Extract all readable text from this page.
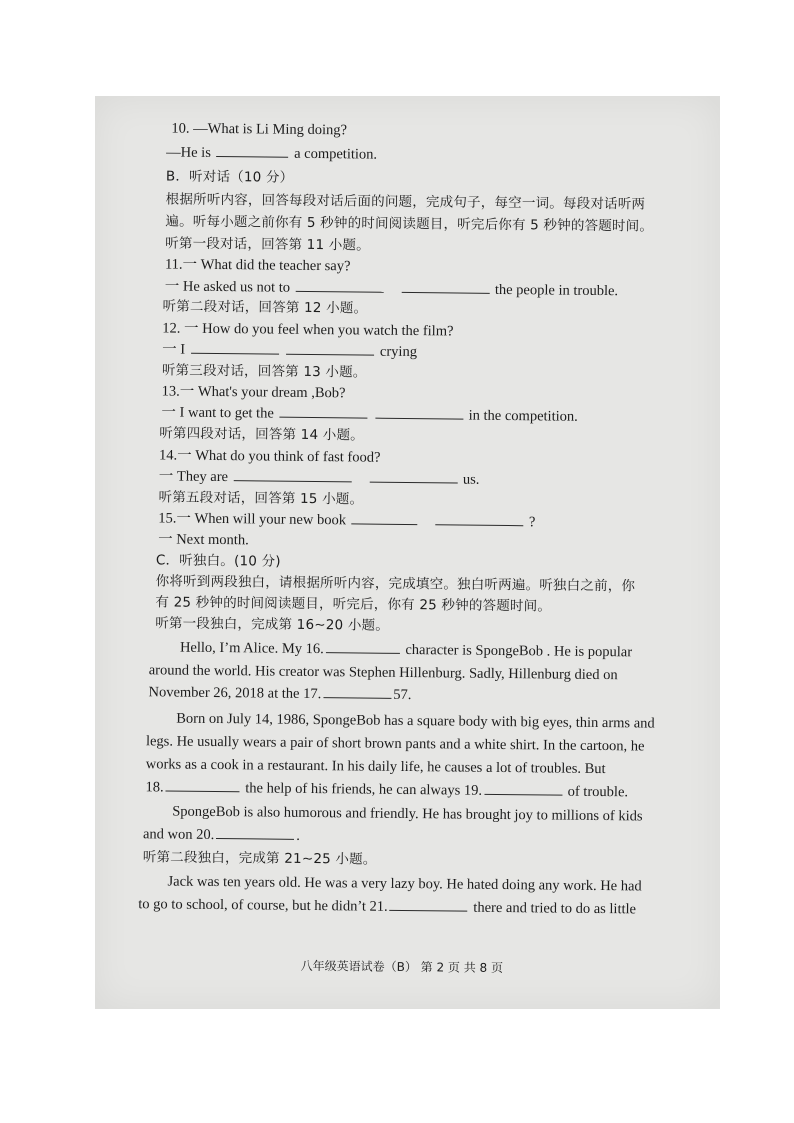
10. —What is Li Ming doing?
—He is	a competition.
B．听对话（10 分）
根据所听内容，回答每段对话后面的问题，完成句子，每空一词。每段对话听两
遍。听每小题之前你有 5 秒钟的时间阅读题目，听完后你有 5 秒钟的答题时间。
听第一段对话，回答第 11 小题。
11.一 What did the teacher say?
一 He asked us not to	the people in trouble.
听第二段对话，回答第 12 小题。
12. 一 How do you feel when you watch the film?
一 I	crying
听第三段对话，回答第 13 小题。
13.一 What's your dream ,Bob?
一 I want to get the	in the competition.
听第四段对话，回答第 14 小题。
14.一 What do you think of fast food?
一 They are	us.
听第五段对话，回答第 15 小题。
15.一 When will your new book	?
一 Next month.
C．听独白。(10 分)
你将听到两段独白，请根据所听内容，完成填空。独白听两遍。听独白之前，你
有 25 秒钟的时间阅读题目，听完后，你有 25 秒钟的答题时间。
听第一段独白，完成第 16~20 小题。
Hello, I’m Alice. My 16.	character is SpongeBob . He is popular
around the world. His creator was Stephen Hillenburg. Sadly, Hillenburg died on
November 26, 2018 at the 17.	57.
Born on July 14, 1986, SpongeBob has a square body with big eyes, thin arms and
legs. He usually wears a pair of short brown pants and a white shirt. In the cartoon, he
works as a cook in a restaurant. In his daily life, he causes a lot of troubles. But
18.	the help of his friends, he can always 19.	of trouble.
SpongeBob is also humorous and friendly. He has brought joy to millions of kids
and won 20.	.
听第二段独白，完成第 21~25 小题。
Jack was ten years old. He was a very lazy boy. He hated doing any work. He had
to go to school, of course, but he didn’t 21.	there and tried to do as little
八年级英语试卷（B） 第 2 页 共 8 页
